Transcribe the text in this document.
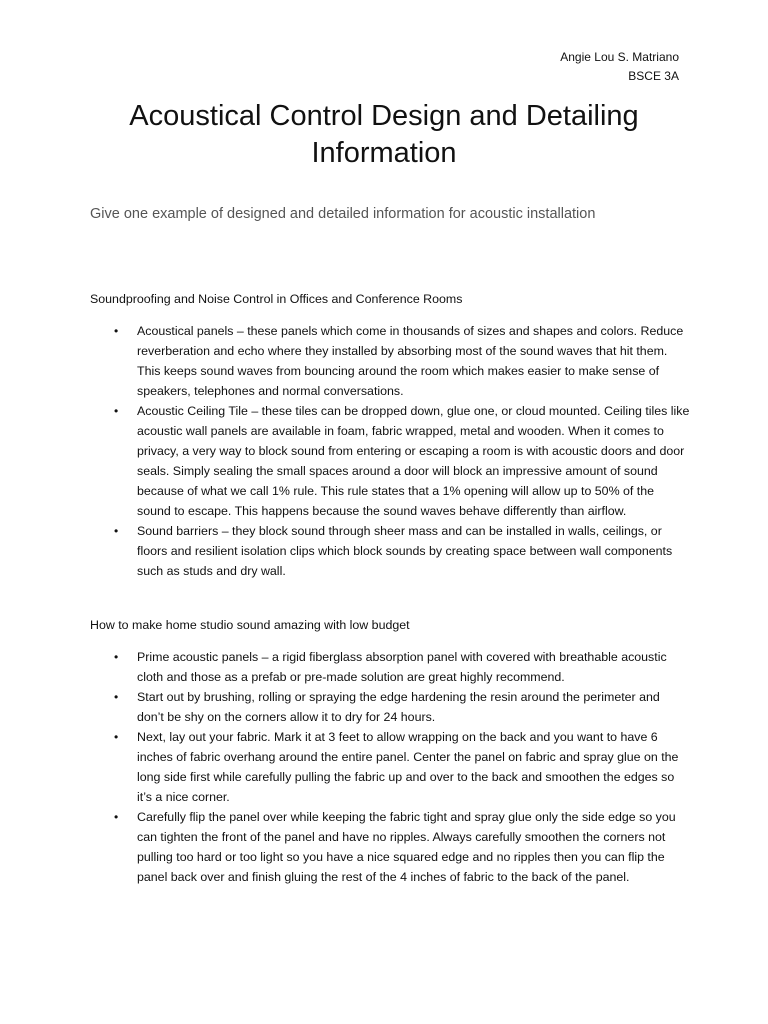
Angie Lou S. Matriano
BSCE 3A
Acoustical Control Design and Detailing Information
Give one example of designed and detailed information for acoustic installation

Soundproofing and Noise Control in Offices and Conference Rooms

• Acoustical panels – these panels which come in thousands of sizes and shapes and colors. Reduce reverberation and echo where they installed by absorbing most of the sound waves that hit them. This keeps sound waves from bouncing around the room which makes easier to make sense of speakers, telephones and normal conversations.
• Acoustic Ceiling Tile – these tiles can be dropped down, glue one, or cloud mounted. Ceiling tiles like acoustic wall panels are available in foam, fabric wrapped, metal and wooden. When it comes to privacy, a very way to block sound from entering or escaping a room is with acoustic doors and door seals. Simply sealing the small spaces around a door will block an impressive amount of sound because of what we call 1% rule. This rule states that a 1% opening will allow up to 50% of the sound to escape. This happens because the sound waves behave differently than airflow.
• Sound barriers – they block sound through sheer mass and can be installed in walls, ceilings, or floors and resilient isolation clips which block sounds by creating space between wall components such as studs and dry wall.

How to make home studio sound amazing with low budget

• Prime acoustic panels – a rigid fiberglass absorption panel with covered with breathable acoustic cloth and those as a prefab or pre-made solution are great highly recommend.
• Start out by brushing, rolling or spraying the edge hardening the resin around the perimeter and don’t be shy on the corners allow it to dry for 24 hours.
• Next, lay out your fabric. Mark it at 3 feet to allow wrapping on the back and you want to have 6 inches of fabric overhang around the entire panel. Center the panel on fabric and spray glue on the long side first while carefully pulling the fabric up and over to the back and smoothen the edges so it’s a nice corner.
• Carefully flip the panel over while keeping the fabric tight and spray glue only the side edge so you can tighten the front of the panel and have no ripples. Always carefully smoothen the corners not pulling too hard or too light so you have a nice squared edge and no ripples then you can flip the panel back over and finish gluing the rest of the 4 inches of fabric to the back of the panel.
